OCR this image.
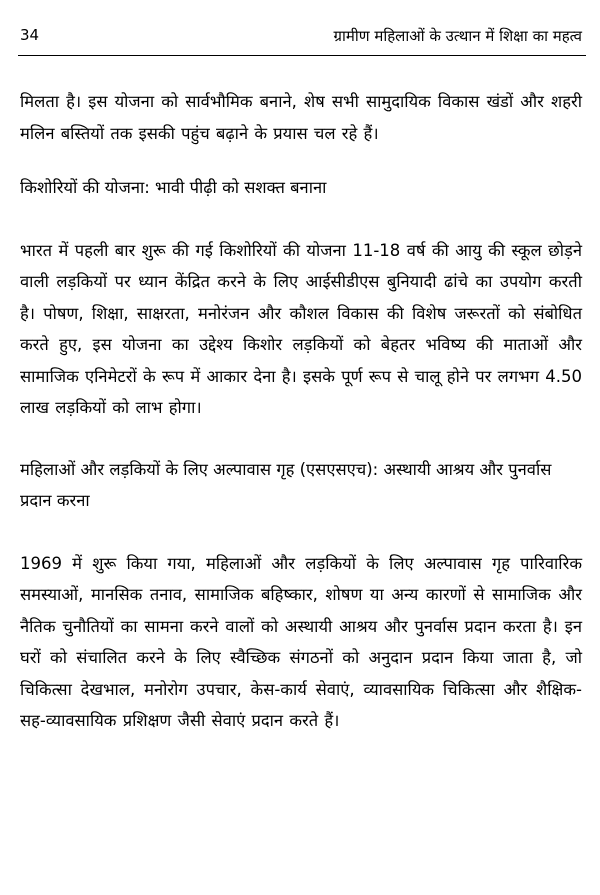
34	ग्रामीण महिलाओं के उत्थान में शिक्षा का महत्व

मिलता है। इस योजना को सार्वभौमिक बनाने, शेष सभी सामुदायिक विकास खंडों और शहरी मलिन बस्तियों तक इसकी पहुंच बढ़ाने के प्रयास चल रहे हैं।

किशोरियों की योजना: भावी पीढ़ी को सशक्त बनाना

भारत में पहली बार शुरू की गई किशोरियों की योजना 11-18 वर्ष की आयु की स्कूल छोड़ने वाली लड़कियों पर ध्यान केंद्रित करने के लिए आईसीडीएस बुनियादी ढांचे का उपयोग करती है। पोषण, शिक्षा, साक्षरता, मनोरंजन और कौशल विकास की विशेष जरूरतों को संबोधित करते हुए, इस योजना का उद्देश्य किशोर लड़कियों को बेहतर भविष्य की माताओं और सामाजिक एनिमेटरों के रूप में आकार देना है। इसके पूर्ण रूप से चालू होने पर लगभग 4.50 लाख लड़कियों को लाभ होगा।

महिलाओं और लड़कियों के लिए अल्पावास गृह (एसएसएच): अस्थायी आश्रय और पुनर्वास प्रदान करना

1969 में शुरू किया गया, महिलाओं और लड़कियों के लिए अल्पावास गृह पारिवारिक समस्याओं, मानसिक तनाव, सामाजिक बहिष्कार, शोषण या अन्य कारणों से सामाजिक और नैतिक चुनौतियों का सामना करने वालों को अस्थायी आश्रय और पुनर्वास प्रदान करता है। इन घरों को संचालित करने के लिए स्वैच्छिक संगठनों को अनुदान प्रदान किया जाता है, जो चिकित्सा देखभाल, मनोरोग उपचार, केस-कार्य सेवाएं, व्यावसायिक चिकित्सा और शैक्षिक-सह-व्यावसायिक प्रशिक्षण जैसी सेवाएं प्रदान करते हैं।
